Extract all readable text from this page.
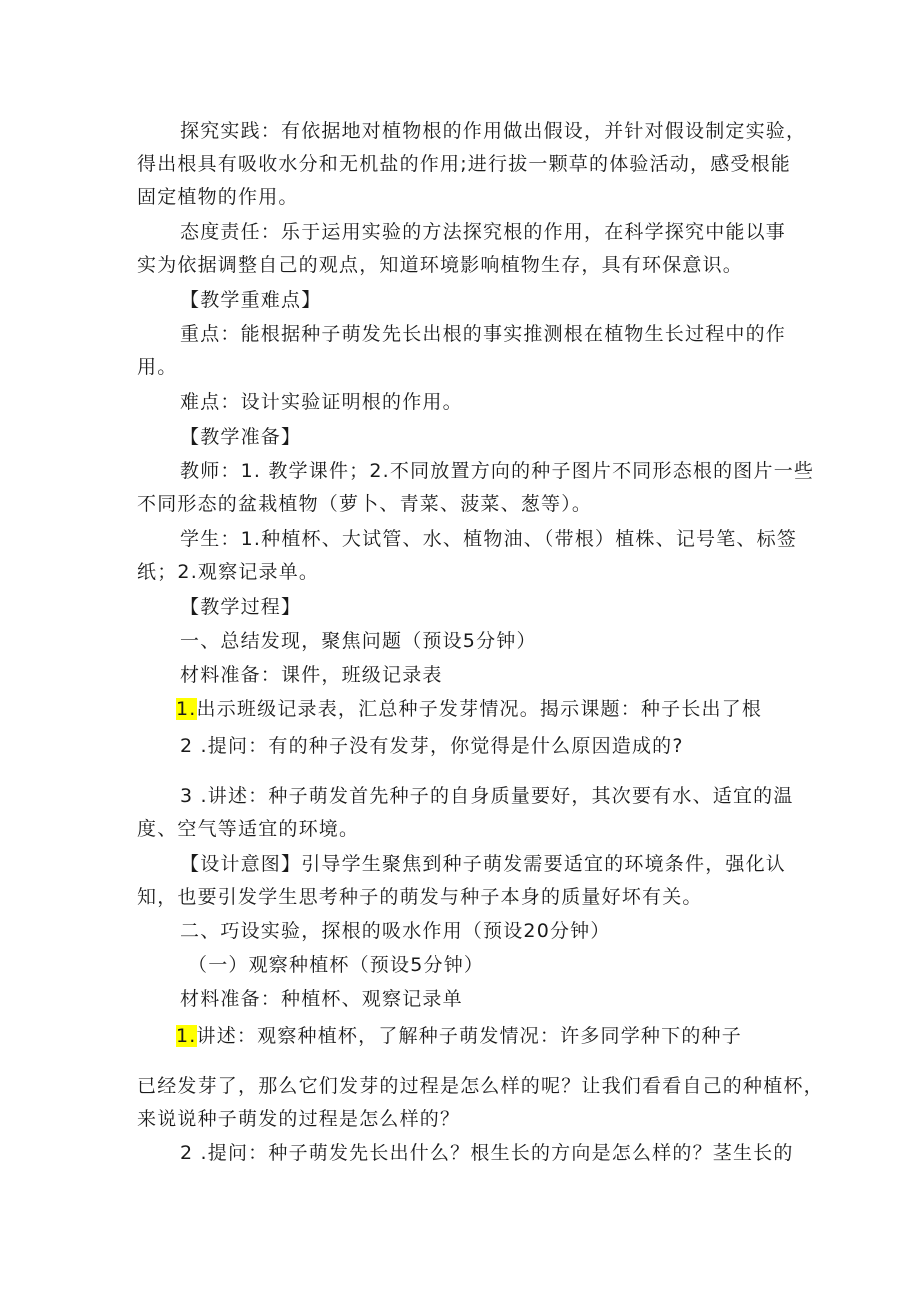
探究实践：有依据地对植物根的作用做出假设，并针对假设制定实验，
得出根具有吸收水分和无机盐的作用;进行拔一颗草的体验活动，感受根能
固定植物的作用。
态度责任：乐于运用实验的方法探究根的作用，在科学探究中能以事
实为依据调整自己的观点，知道环境影响植物生存，具有环保意识。
【教学重难点】
重点：能根据种子萌发先长出根的事实推测根在植物生长过程中的作
用。
难点：设计实验证明根的作用。
【教学准备】
教师：1. 教学课件；2.不同放置方向的种子图片不同形态根的图片一些
不同形态的盆栽植物（萝卜、青菜、菠菜、葱等）。
学生：1.种植杯、大试管、水、植物油、（带根）植株、记号笔、标签
纸；2.观察记录单。
【教学过程】
一、总结发现，聚焦问题（预设5分钟）
材料准备：课件，班级记录表
1.出示班级记录表，汇总种子发芽情况。揭示课题：种子长出了根
2 .提问：有的种子没有发芽，你觉得是什么原因造成的?
3 .讲述：种子萌发首先种子的自身质量要好，其次要有水、适宜的温
度、空气等适宜的环境。
【设计意图】引导学生聚焦到种子萌发需要适宜的环境条件，强化认
知，也要引发学生思考种子的萌发与种子本身的质量好坏有关。
二、巧设实验，探根的吸水作用（预设20分钟）
（一）观察种植杯（预设5分钟）
材料准备：种植杯、观察记录单
1.讲述：观察种植杯，了解种子萌发情况：许多同学种下的种子
已经发芽了，那么它们发芽的过程是怎么样的呢？让我们看看自己的种植杯，
来说说种子萌发的过程是怎么样的？
2 .提问：种子萌发先长出什么？根生长的方向是怎么样的？茎生长的
